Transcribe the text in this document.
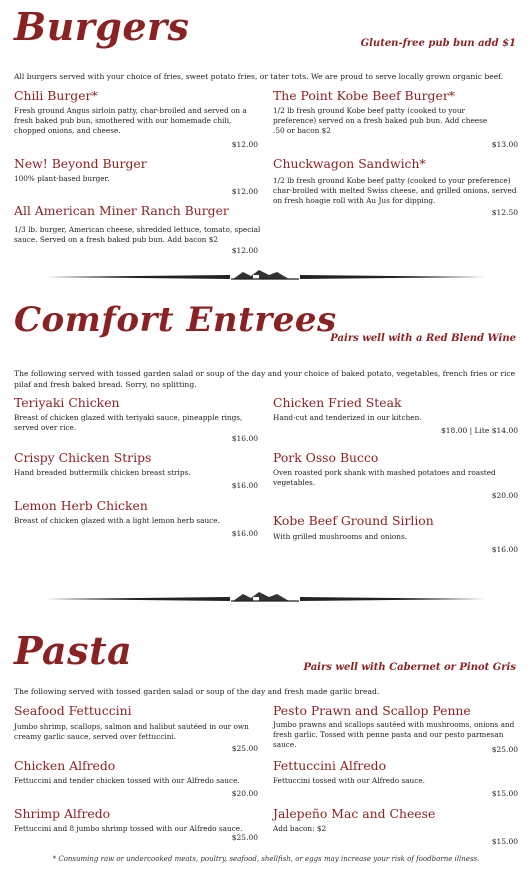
Burgers	Gluten-free pub bun add $1
All burgers served with your choice of fries, sweet potato fries, or tater tots. We are proud to serve locally grown organic beef.
Chili Burger*
Fresh ground Angus sirloin patty, char-broiled and served on a fresh baked pub bun, smothered with our homemade chili, chopped onions, and cheese.
$12.00
New! Beyond Burger
100% plant-based burger.
$12.00
All American Miner Ranch Burger
1/3 lb. burger, American cheese, shredded lettuce, tomato, special sauce. Served on a fresh baked pub bun. Add bacon $2
$12.00
The Point Kobe Beef Burger*
1/2 lb fresh ground Kobe beef patty (cooked to your preference) served on a fresh baked pub bun. Add cheese .50 or bacon $2
$13.00
Chuckwagon Sandwich*
1/2 lb fresh ground Kobe beef patty (cooked to your preference) char-broiled with melted Swiss cheese, and grilled onions, served on fresh hoagie roll with Au Jus for dipping.
$12.50
Comfort Entrees
Pairs well with a Red Blend Wine
The following served with tossed garden salad or soup of the day and your choice of baked potato, vegetables, french fries or rice pilaf and fresh baked bread. Sorry, no splitting.
Teriyaki Chicken
Breast of chicken glazed with teriyaki sauce, pineapple rings, served over rice.
$16.00
Crispy Chicken Strips
Hand breaded buttermilk chicken breast strips.
$16.00
Lemon Herb Chicken
Breast of chicken glazed with a light lemon herb sauce.
$16.00
Chicken Fried Steak
Hand-cut and tenderized in our kitchen.
$18.00 | Lite $14.00
Pork Osso Bucco
Oven roasted pork shank with mashed potatoes and roasted vegetables.
$20.00
Kobe Beef Ground Sirlion
With grilled mushrooms and onions.
$16.00
Pasta	Pairs well with Cabernet or Pinot Gris
The following served with tossed garden salad or soup of the day and fresh made garlic bread.
Seafood Fettuccini
Jumbo shrimp, scallops, salmon and halibut sautéed in our own creamy garlic sauce, served over fettuccini.
$25.00
Chicken Alfredo
Fettuccini and tender chicken tossed with our Alfredo sauce.
$20.00
Shrimp Alfredo
Fettuccini and 8 jumbo shrimp tossed with our Alfredo sauce.
$25.00
Pesto Prawn and Scallop Penne
Jumbo prawns and scallops sautéed with mushrooms, onions and fresh garlic. Tossed with penne pasta and our pesto parmesan sauce.
$25.00
Fettuccini Alfredo
Fettuccini tossed with our Alfredo sauce.
$15.00
Jalepeño Mac and Cheese
Add bacon: $2
$15.00
* Consuming raw or undercooked meats, poultry, seafood, shellfish, or eggs may increase your risk of foodborne illness.
